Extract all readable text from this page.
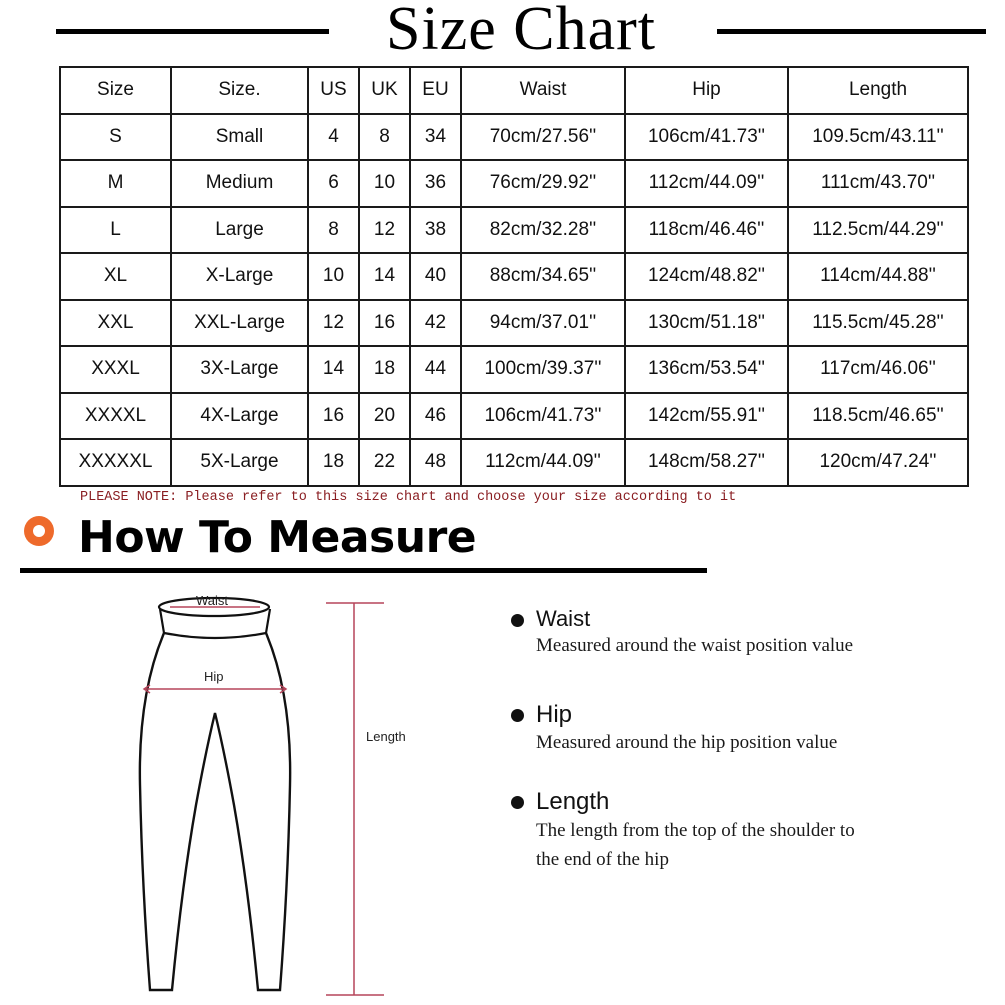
Size Chart
Size	Size.	US	UK	EU	Waist	Hip	Length
S	Small	4	8	34	70cm/27.56''	106cm/41.73''	109.5cm/43.11''
M	Medium	6	10	36	76cm/29.92''	112cm/44.09''	111cm/43.70''
L	Large	8	12	38	82cm/32.28''	118cm/46.46''	112.5cm/44.29''
XL	X-Large	10	14	40	88cm/34.65''	124cm/48.82''	114cm/44.88''
XXL	XXL-Large	12	16	42	94cm/37.01''	130cm/51.18''	115.5cm/45.28''
XXXL	3X-Large	14	18	44	100cm/39.37''	136cm/53.54''	117cm/46.06''
XXXXL	4X-Large	16	20	46	106cm/41.73''	142cm/55.91''	118.5cm/46.65''
XXXXXL	5X-Large	18	22	48	112cm/44.09''	148cm/58.27''	120cm/47.24''
PLEASE NOTE: Please refer to this size chart and choose your size according to it
How To Measure
Waist
Hip
Length
Waist
Measured around the waist position value
Hip
Measured around the hip position value
Length
The length from the top of the shoulder to
the end of the hip
